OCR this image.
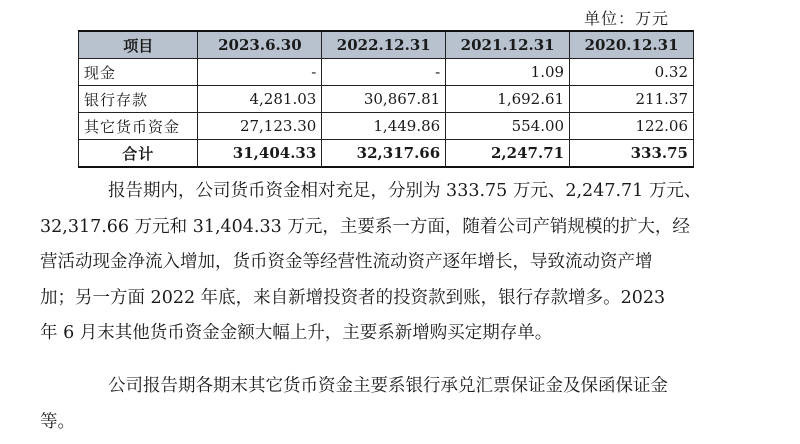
单位：万元
项目	2023.6.30	2022.12.31	2021.12.31	2020.12.31
现金	-	-	1.09	0.32
银行存款	4,281.03	30,867.81	1,692.61	211.37
其它货币资金	27,123.30	1,449.86	554.00	122.06
合计	31,404.33	32,317.66	2,247.71	333.75
报告期内，公司货币资金相对充足，分别为 333.75 万元、2,247.71 万元、
32,317.66 万元和 31,404.33 万元，主要系一方面，随着公司产销规模的扩大，经
营活动现金净流入增加，货币资金等经营性流动资产逐年增长，导致流动资产增
加；另一方面 2022 年底，来自新增投资者的投资款到账，银行存款增多。2023
年 6 月末其他货币资金金额大幅上升，主要系新增购买定期存单。
公司报告期各期末其它货币资金主要系银行承兑汇票保证金及保函保证金
等。
